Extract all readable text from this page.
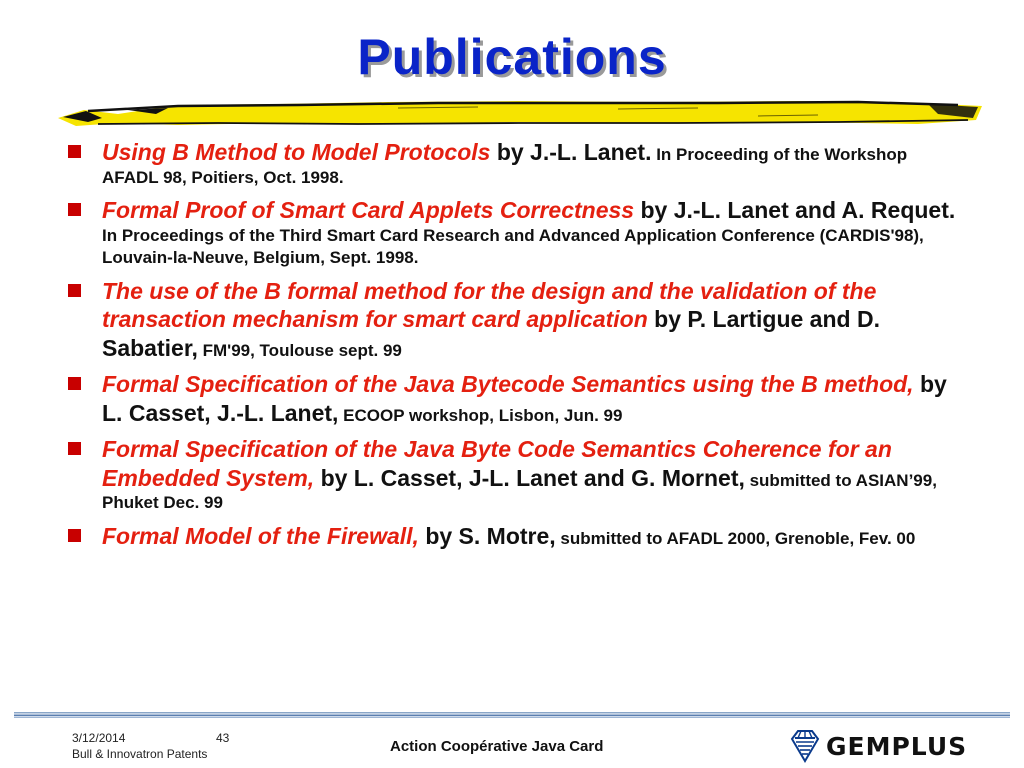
Publications
Using B Method to Model Protocols by J.-L. Lanet. In Proceeding of the Workshop AFADL 98, Poitiers, Oct. 1998.
Formal Proof of Smart Card Applets Correctness by J.-L. Lanet and A. Requet. In Proceedings of the Third Smart Card Research and Advanced Application Conference (CARDIS'98), Louvain-la-Neuve, Belgium, Sept. 1998.
The use of the B formal method for the design and the validation of the transaction mechanism for smart card application by P. Lartigue and D. Sabatier, FM'99, Toulouse sept. 99
Formal Specification of the Java Bytecode Semantics using the B method, by L. Casset, J.-L. Lanet, ECOOP workshop, Lisbon, Jun. 99
Formal Specification of the Java Byte Code Semantics Coherence for an Embedded System, by L. Casset, J-L. Lanet and G. Mornet, submitted to ASIAN’99, Phuket Dec. 99
Formal Model of the Firewall, by S. Motre, submitted to AFADL 2000, Grenoble, Fev. 00
3/12/2014
Bull & Innovatron Patents
43	Action Coopérative Java Card	GEMPLUS
